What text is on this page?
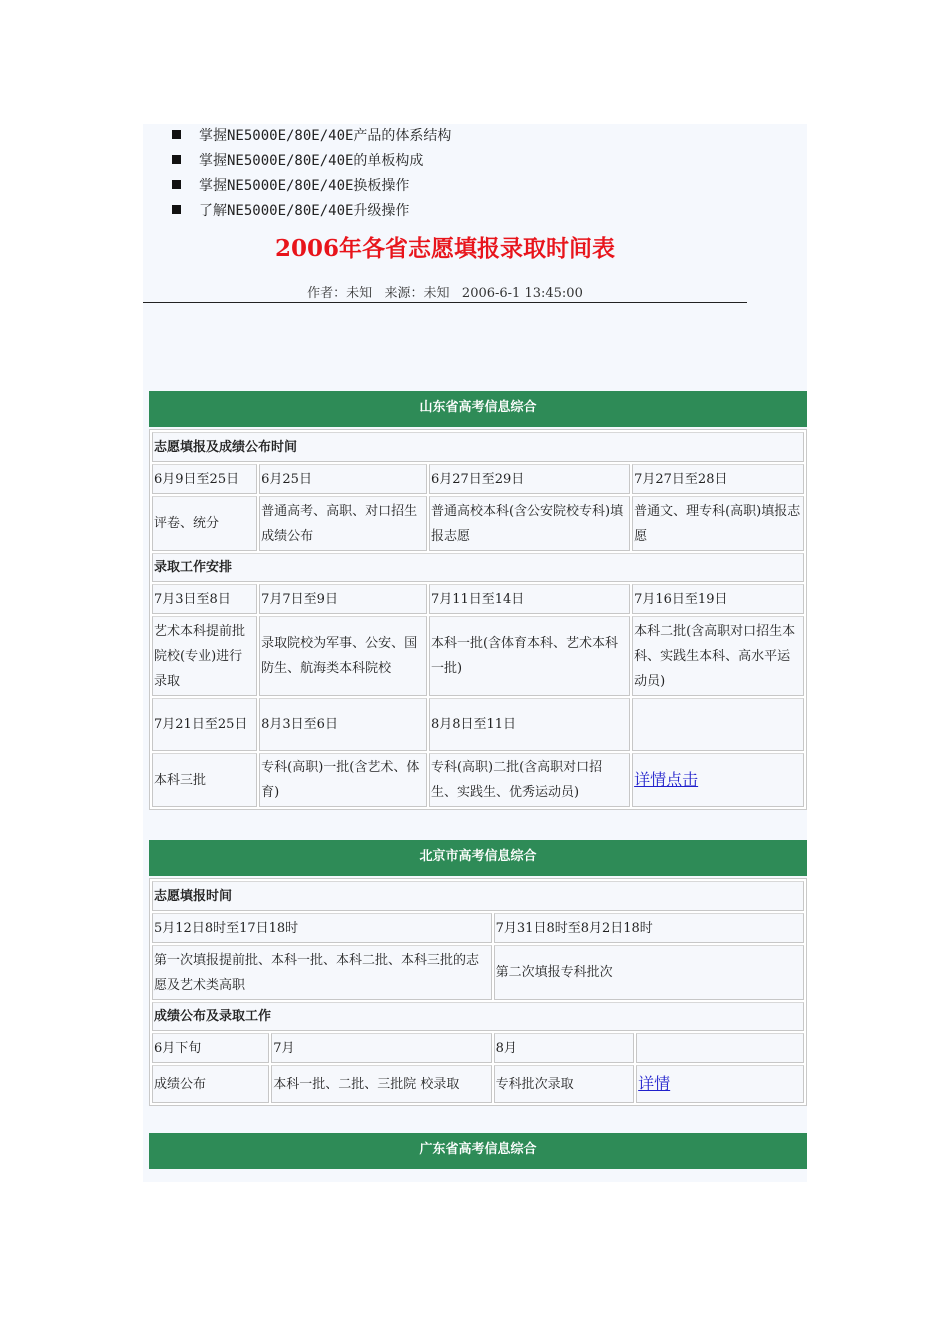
掌握NE5000E/80E/40E产品的体系结构
掌握NE5000E/80E/40E的单板构成
掌握NE5000E/80E/40E换板操作
了解NE5000E/80E/40E升级操作
2006年各省志愿填报录取时间表
作者：未知   来源：未知   2006-6-1 13:45:00
山东省高考信息综合
志愿填报及成绩公布时间			
6月9日至25日	6月25日	6月27日至29日	7月27日至28日
评卷、统分	普通高考、高职、对口招生成绩公布	普通高校本科(含公安院校专科)填报志愿	普通文、理专科(高职)填报志愿
录取工作安排			
7月3日至8日	7月7日至9日	7月11日至14日	7月16日至19日
艺术本科提前批院校(专业)进行录取	录取院校为军事、公安、国防生、航海类本科院校	本科一批(含体育本科、艺术本科一批)	本科二批(含高职对口招生本科、实践生本科、高水平运动员)
7月21日至25日	8月3日至6日	8月8日至11日	
本科三批	专科(高职)一批(含艺术、体育)	专科(高职)二批(含高职对口招生、实践生、优秀运动员)	详情点击
北京市高考信息综合
志愿填报时间			
5月12日8时至17日18时		7月31日8时至8月2日18时	
第一次填报提前批、本科一批、本科二批、本科三批的志愿及艺术类高职		第二次填报专科批次	
成绩公布及录取工作			
6月下旬	7月	8月	
成绩公布	本科一批、二批、三批院 校录取	专科批次录取	详情
广东省高考信息综合
